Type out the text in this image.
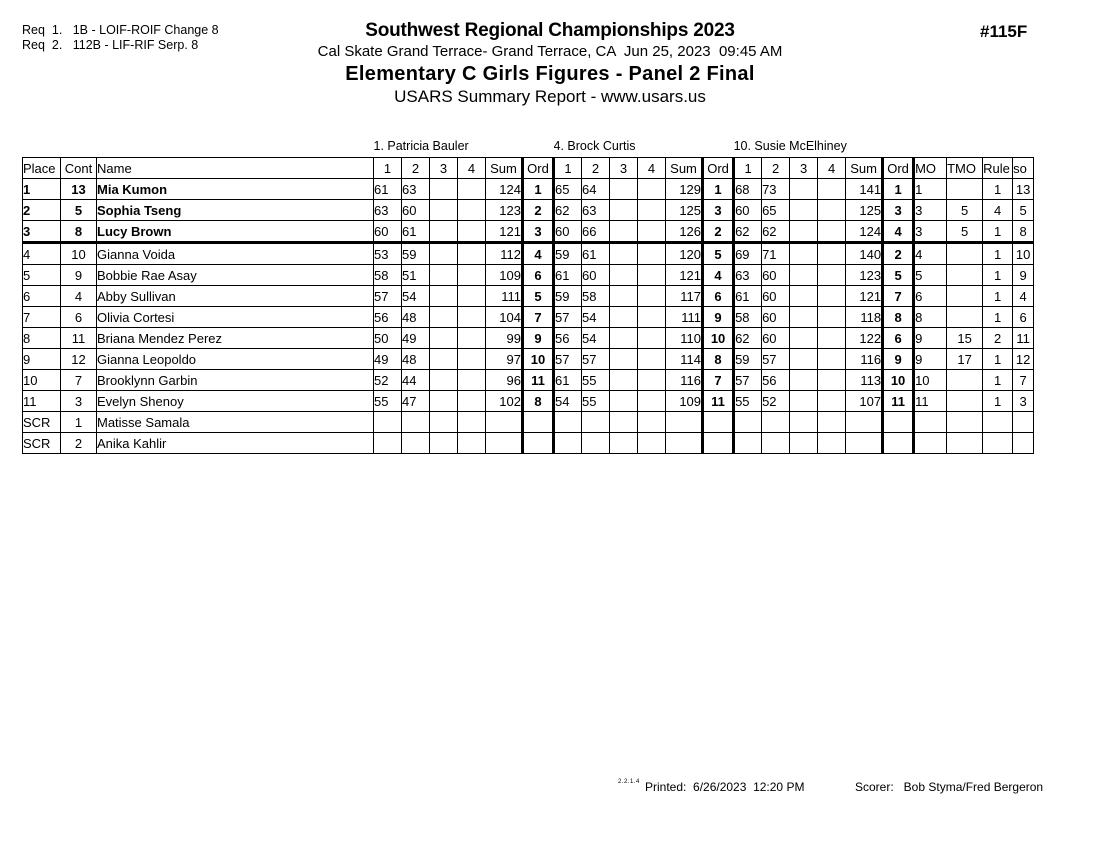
Req  1.   1B - LOIF-ROIF Change 8
Req  2.   112B - LIF-RIF Serp. 8
#115F
Southwest Regional Championships 2023
Cal Skate Grand Terrace- Grand Terrace, CA  Jun 25, 2023  09:45 AM
Elementary C Girls Figures - Panel 2 Final
USARS Summary Report - www.usars.us
			1. Patricia Bauler						4. Brock Curtis						10. Susie McElhiney									
Place	Cont	Name	1	2	3	4	Sum	Ord	1	2	3	4	Sum	Ord	1	2	3	4	Sum	Ord	MO	TMO	Rule	so
1	13	Mia Kumon	61	63			124	1	65	64			129	1	68	73			141	1	1		1	13
2	5	Sophia Tseng	63	60			123	2	62	63			125	3	60	65			125	3	3	5	4	5
3	8	Lucy Brown	60	61			121	3	60	66			126	2	62	62			124	4	3	5	1	8
4	10	Gianna Voida	53	59			112	4	59	61			120	5	69	71			140	2	4		1	10
5	9	Bobbie Rae Asay	58	51			109	6	61	60			121	4	63	60			123	5	5		1	9
6	4	Abby Sullivan	57	54			111	5	59	58			117	6	61	60			121	7	6		1	4
7	6	Olivia Cortesi	56	48			104	7	57	54			111	9	58	60			118	8	8		1	6
8	11	Briana Mendez Perez	50	49			99	9	56	54			110	10	62	60			122	6	9	15	2	11
9	12	Gianna Leopoldo	49	48			97	10	57	57			114	8	59	57			116	9	9	17	1	12
10	7	Brooklynn Garbin	52	44			96	11	61	55			116	7	57	56			113	10	10		1	7
11	3	Evelyn Shenoy	55	47			102	8	54	55			109	11	55	52			107	11	11		1	3
SCR	1	Matisse Samala																						
SCR	2	Anika Kahlir																						
2.2.1.4 Printed:  6/26/2023  12:20 PM	Scorer:   Bob Styma/Fred Bergeron
